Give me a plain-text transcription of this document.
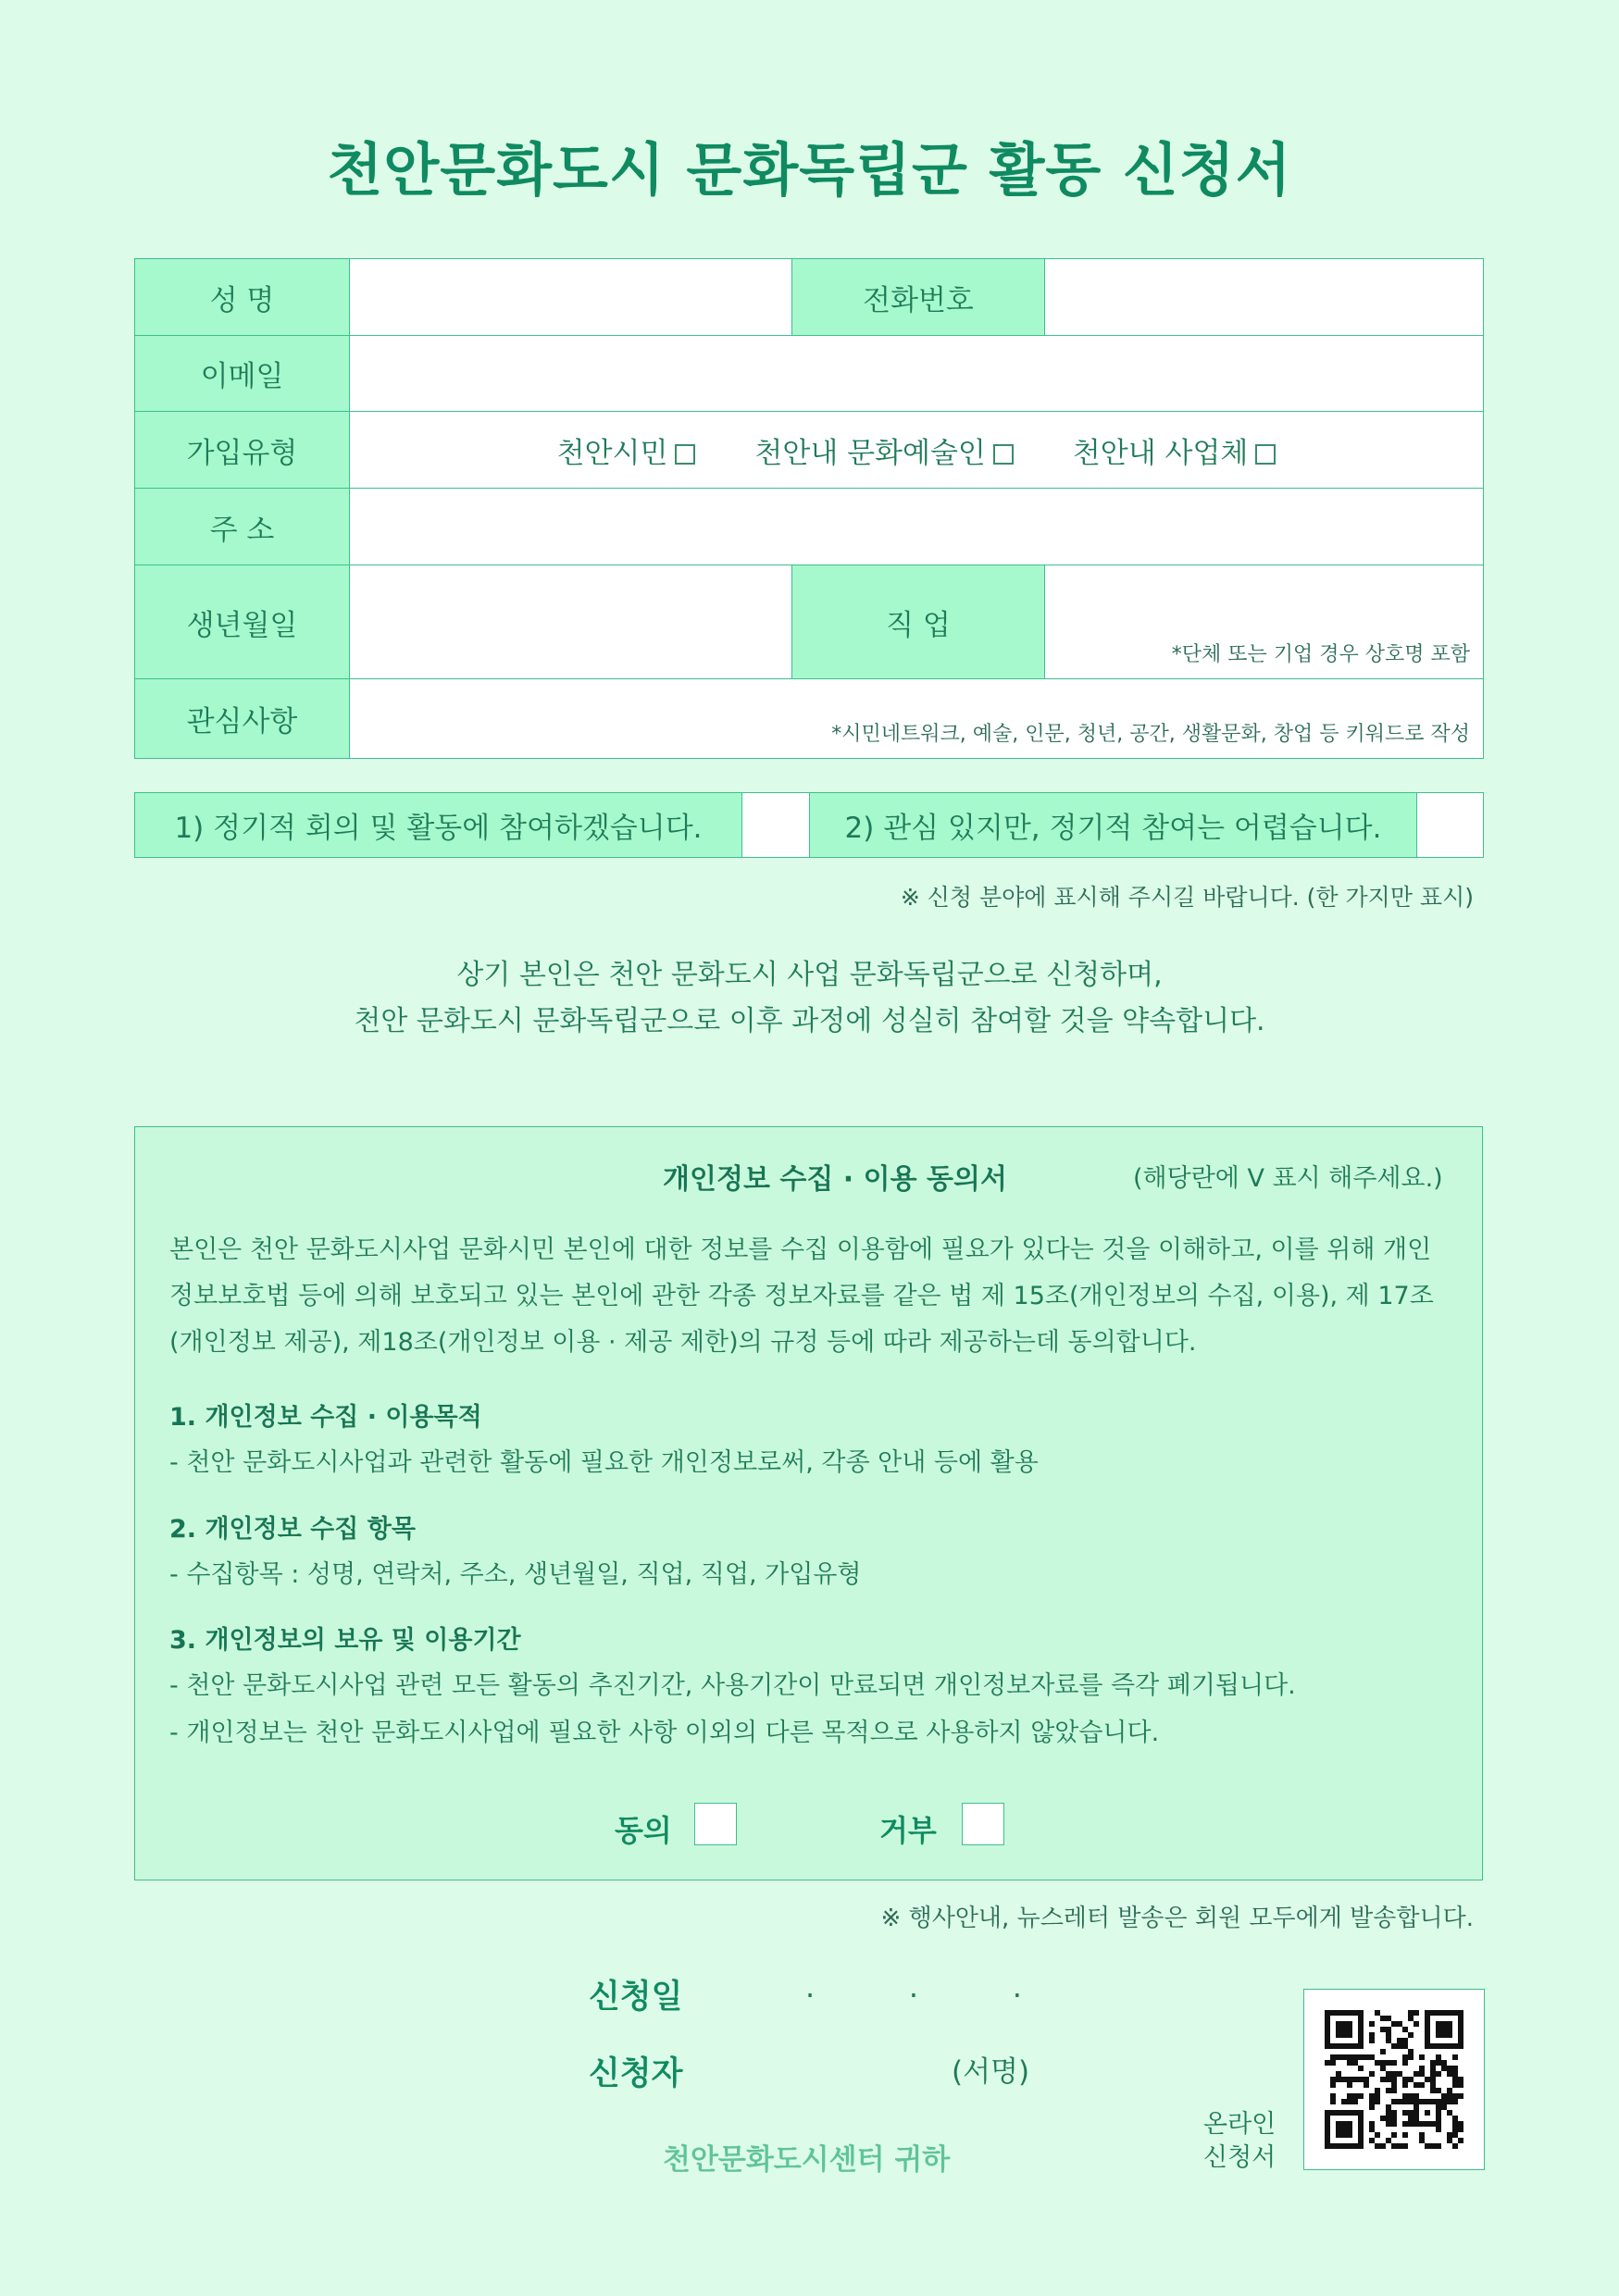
천안문화도시 문화독립군 활동 신청서
성 명	전화번호
이메일
가입유형	천안시민	천안내 문화예술인	천안내 사업체
주 소
생년월일	직 업
*단체 또는 기업 경우 상호명 포함
관심사항	*시민네트워크, 예술, 인문, 청년, 공간, 생활문화, 창업 등 키워드로 작성
1) 정기적 회의 및 활동에 참여하겠습니다.	2) 관심 있지만, 정기적 참여는 어렵습니다.
※ 신청 분야에 표시해 주시길 바랍니다. (한 가지만 표시)
상기 본인은 천안 문화도시 사업 문화독립군으로 신청하며,
천안 문화도시 문화독립군으로 이후 과정에 성실히 참여할 것을 약속합니다.
개인정보 수집 · 이용 동의서	(해당란에 V 표시 해주세요.)

본인은 천안 문화도시사업 문화시민 본인에 대한 정보를 수집 이용함에 필요가 있다는 것을 이해하고, 이를 위해 개인

정보보호법 등에 의해 보호되고 있는 본인에 관한 각종 정보자료를 같은 법 제 15조(개인정보의 수집, 이용), 제 17조

(개인정보 제공), 제18조(개인정보 이용 · 제공 제한)의 규정 등에 따라 제공하는데 동의합니다.

1. 개인정보 수집 · 이용목적
- 천안 문화도시사업과 관련한 활동에 필요한 개인정보로써, 각종 안내 등에 활용
2. 개인정보 수집 항목
- 수집항목 : 성명, 연락처, 주소, 생년월일, 직업, 직업, 가입유형
3. 개인정보의 보유 및 이용기간
- 천안 문화도시사업 관련 모든 활동의 추진기간, 사용기간이 만료되면 개인정보자료를 즉각 폐기됩니다.
- 개인정보는 천안 문화도시사업에 필요한 사항 이외의 다른 목적으로 사용하지 않았습니다.
동의	거부
※ 행사안내, 뉴스레터 발송은 회원 모두에게 발송합니다.
신청일	.          .          .
신청자	(서명)
천안문화도시센터 귀하
온라인
신청서
